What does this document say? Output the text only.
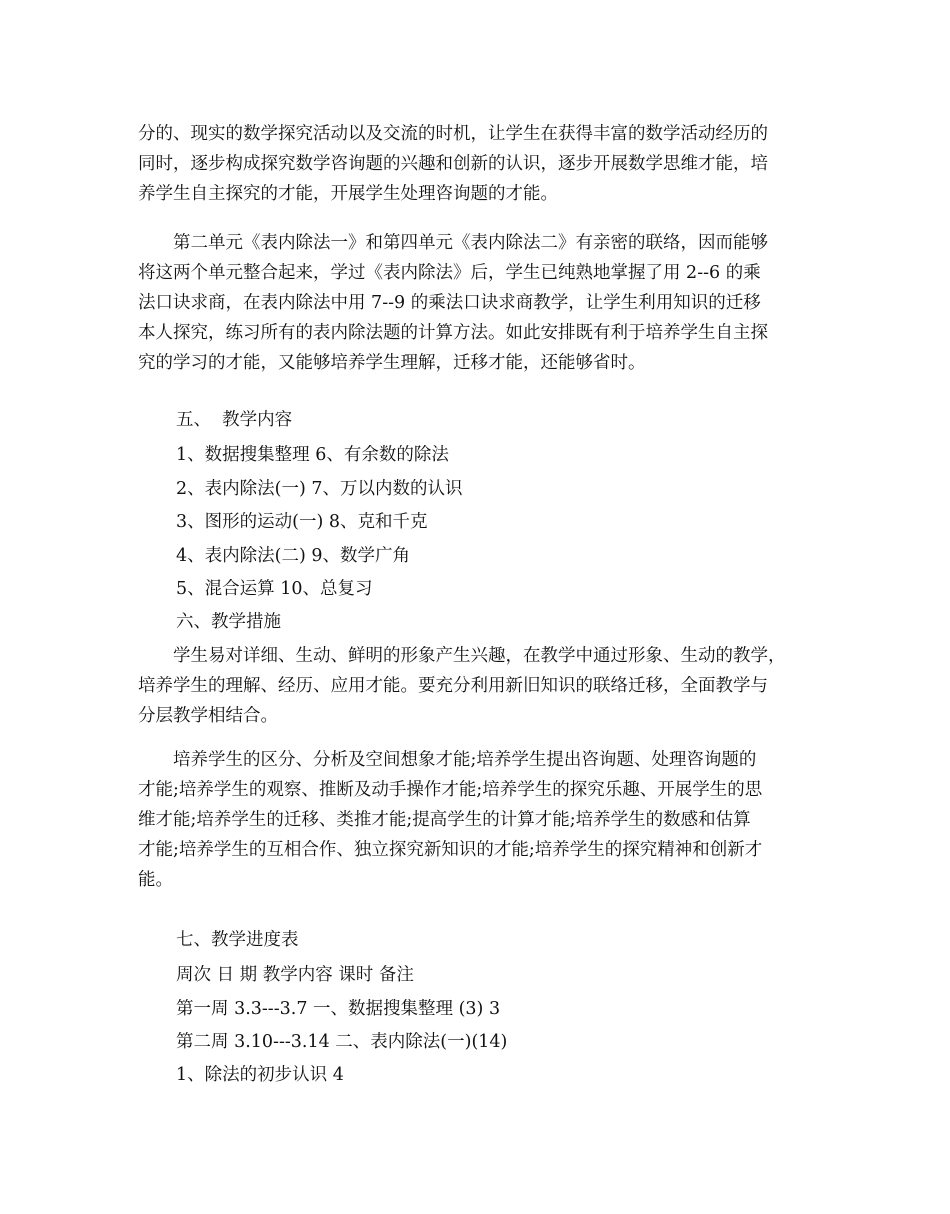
分的、现实的数学探究活动以及交流的时机，让学生在获得丰富的数学活动经历的
同时，逐步构成探究数学咨询题的兴趣和创新的认识，逐步开展数学思维才能，培
养学生自主探究的才能，开展学生处理咨询题的才能。
　　第二单元《表内除法一》和第四单元《表内除法二》有亲密的联络，因而能够
将这两个单元整合起来，学过《表内除法》后，学生已纯熟地掌握了用 2--6 的乘
法口诀求商，在表内除法中用 7--9 的乘法口诀求商教学，让学生利用知识的迁移
本人探究，练习所有的表内除法题的计算方法。如此安排既有利于培养学生自主探
究的学习的才能，又能够培养学生理解，迁移才能，还能够省时。
五、  教学内容
1、数据搜集整理 6、有余数的除法
2、表内除法(一) 7、万以内数的认识
3、图形的运动(一) 8、克和千克
4、表内除法(二) 9、数学广角
5、混合运算 10、总复习
六、教学措施
　　学生易对详细、生动、鲜明的形象产生兴趣，在教学中通过形象、生动的教学，
培养学生的理解、经历、应用才能。要充分利用新旧知识的联络迁移，全面教学与
分层教学相结合。
　　培养学生的区分、分析及空间想象才能;培养学生提出咨询题、处理咨询题的
才能;培养学生的观察、推断及动手操作才能;培养学生的探究乐趣、开展学生的思
维才能;培养学生的迁移、类推才能;提高学生的计算才能;培养学生的数感和估算
才能;培养学生的互相合作、独立探究新知识的才能;培养学生的探究精神和创新才
能。
七、教学进度表
周次 日 期 教学内容 课时 备注
第一周 3.3---3.7 一、数据搜集整理 (3) 3
第二周 3.10---3.14 二、表内除法(一)(14)
1、除法的初步认识 4
